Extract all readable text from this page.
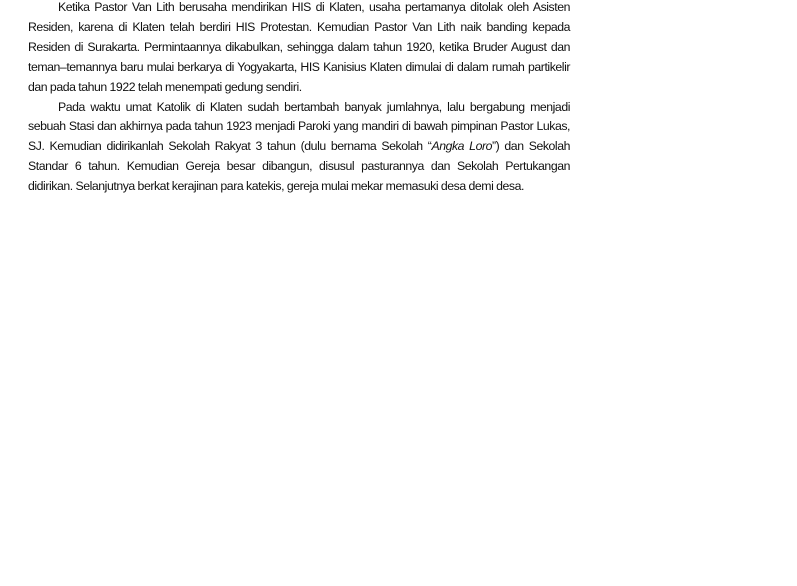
Ketika Pastor Van Lith berusaha mendirikan HIS di Klaten, usaha pertamanya ditolak oleh Asisten Residen, karena di Klaten telah berdiri HIS Protestan. Kemudian Pastor Van Lith naik banding kepada Residen di Surakarta. Permintaannya dikabulkan, sehingga dalam tahun 1920, ketika Bruder August dan teman–temannya baru mulai berkarya di Yogyakarta, HIS Kanisius Klaten dimulai di dalam rumah partikelir dan pada tahun 1922 telah menempati gedung sendiri.

Pada waktu umat Katolik di Klaten sudah bertambah banyak jumlahnya, lalu bergabung menjadi sebuah Stasi dan akhirnya pada tahun 1923 menjadi Paroki yang mandiri di bawah pimpinan Pastor Lukas, SJ. Kemudian didirikanlah Sekolah Rakyat 3 tahun (dulu bernama Sekolah “Angka Loro”) dan Sekolah Standar 6 tahun. Kemudian Gereja besar dibangun, disusul pasturannya dan Sekolah Pertukangan didirikan. Selanjutnya berkat kerajinan para katekis, gereja mulai mekar memasuki desa demi desa.
